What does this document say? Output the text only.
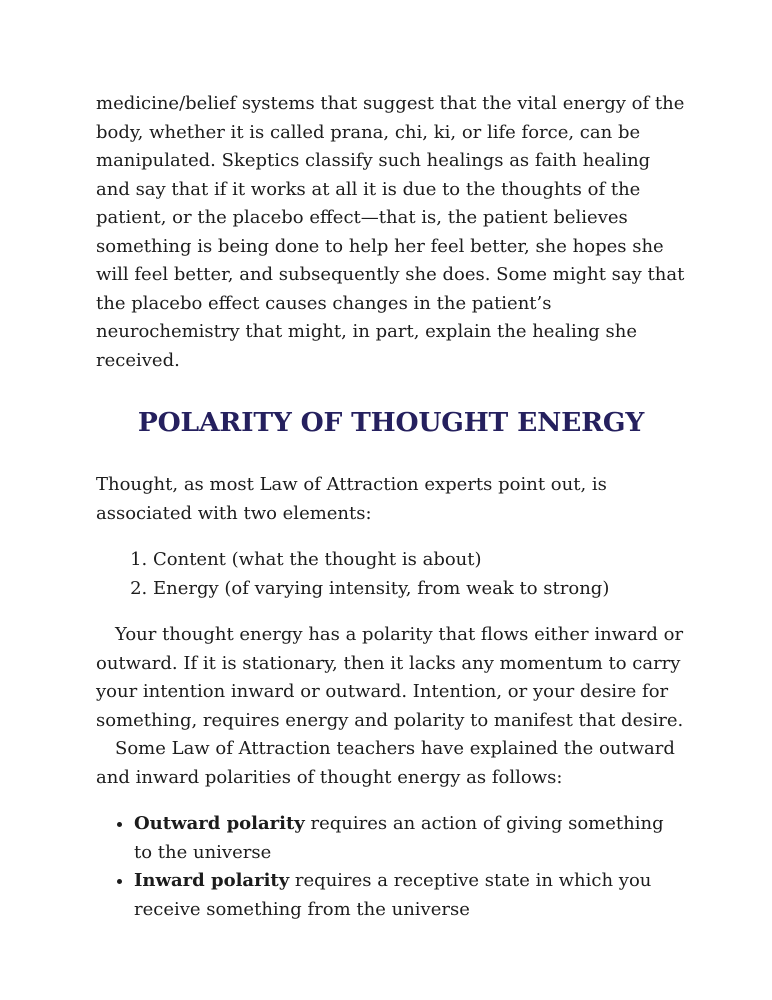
medicine/belief systems that suggest that the vital energy of the body, whether it is called prana, chi, ki, or life force, can be manipulated. Skeptics classify such healings as faith healing and say that if it works at all it is due to the thoughts of the patient, or the placebo effect—that is, the patient believes something is being done to help her feel better, she hopes she will feel better, and subsequently she does. Some might say that the placebo effect causes changes in the patient’s neurochemistry that might, in part, explain the healing she received.

POLARITY OF THOUGHT ENERGY

Thought, as most Law of Attraction experts point out, is associated with two elements:

1. Content (what the thought is about)
2. Energy (of varying intensity, from weak to strong)

Your thought energy has a polarity that flows either inward or outward. If it is stationary, then it lacks any momentum to carry your intention inward or outward. Intention, or your desire for something, requires energy and polarity to manifest that desire.

Some Law of Attraction teachers have explained the outward and inward polarities of thought energy as follows:

• Outward polarity requires an action of giving something to the universe
• Inward polarity requires a receptive state in which you receive something from the universe
